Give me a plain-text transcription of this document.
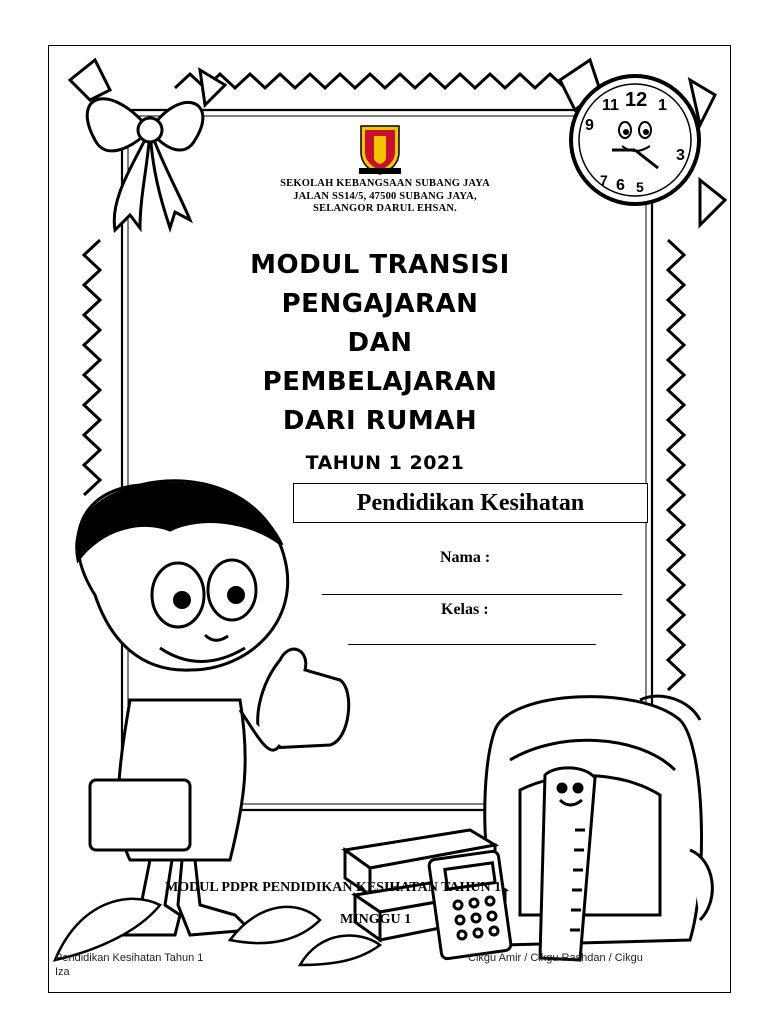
12
11 1
9
3
7 6 5
SEKOLAH KEBANGSAAN SUBANG JAYA
JALAN SS14/5, 47500 SUBANG JAYA,
SELANGOR DARUL EHSAN.
MODUL TRANSISI
PENGAJARAN
DAN
PEMBELAJARAN
DARI RUMAH
TAHUN 1 2021
Pendidikan Kesihatan
Nama :
Kelas :
MODUL PDPR PENDIDIKAN KESIHATAN TAHUN 1
MINGGU 1
Pendidikan Kesihatan Tahun 1	Cikgu Amir / Cikgu Rashdan / Cikgu
Iza
